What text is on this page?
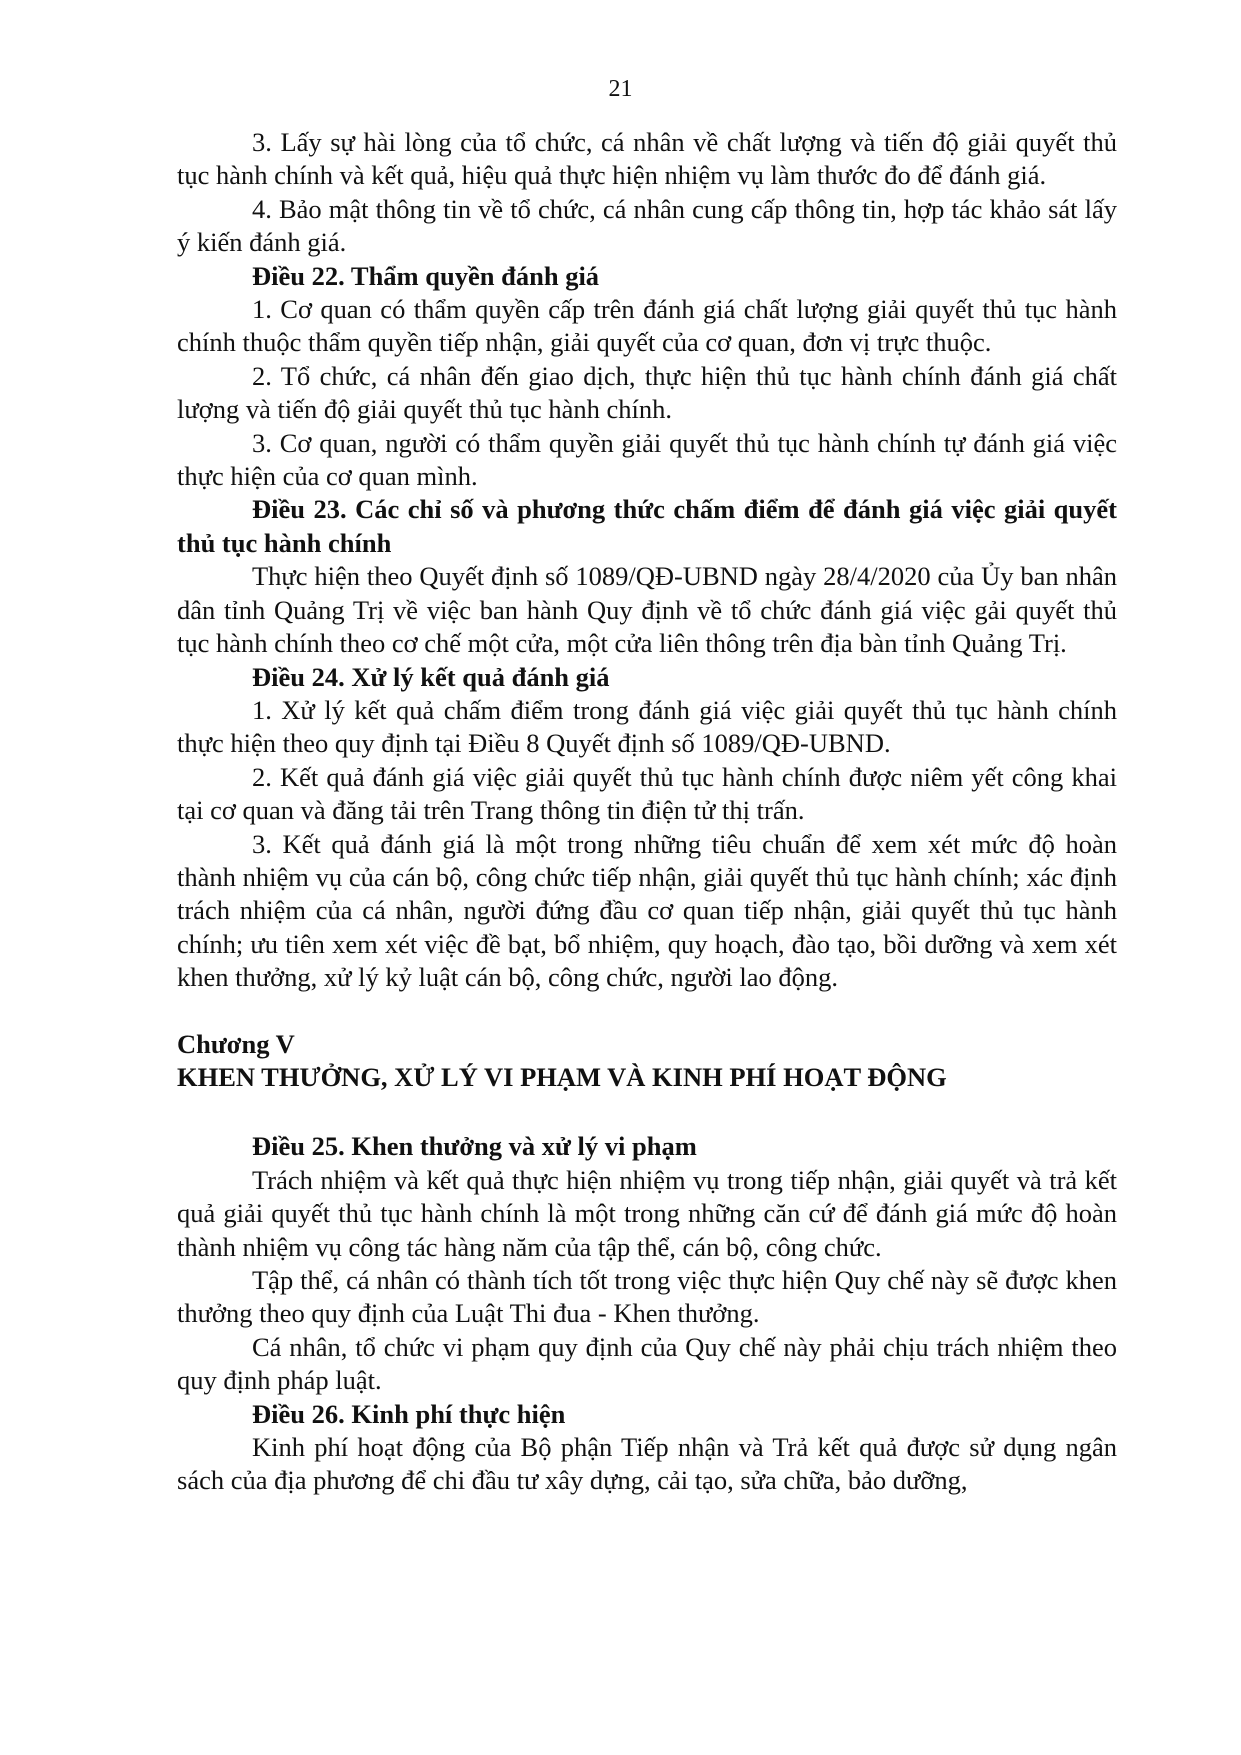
21

3. Lấy sự hài lòng của tổ chức, cá nhân về chất lượng và tiến độ giải quyết thủ tục hành chính và kết quả, hiệu quả thực hiện nhiệm vụ làm thước đo để đánh giá.

4. Bảo mật thông tin về tổ chức, cá nhân cung cấp thông tin, hợp tác khảo sát lấy ý kiến đánh giá.

Điều 22. Thẩm quyền đánh giá

1. Cơ quan có thẩm quyền cấp trên đánh giá chất lượng giải quyết thủ tục hành chính thuộc thẩm quyền tiếp nhận, giải quyết của cơ quan, đơn vị trực thuộc.

2. Tổ chức, cá nhân đến giao dịch, thực hiện thủ tục hành chính đánh giá chất lượng và tiến độ giải quyết thủ tục hành chính.

3. Cơ quan, người có thẩm quyền giải quyết thủ tục hành chính tự đánh giá việc thực hiện của cơ quan mình.

Điều 23. Các chỉ số và phương thức chấm điểm để đánh giá việc giải quyết thủ tục hành chính

Thực hiện theo Quyết định số 1089/QĐ-UBND ngày 28/4/2020 của Ủy ban nhân dân tỉnh Quảng Trị về việc ban hành Quy định về tổ chức đánh giá việc gải quyết thủ tục hành chính theo cơ chế một cửa, một cửa liên thông trên địa bàn tỉnh Quảng Trị.

Điều 24. Xử lý kết quả đánh giá

1. Xử lý kết quả chấm điểm trong đánh giá việc giải quyết thủ tục hành chính thực hiện theo quy định tại Điều 8 Quyết định số 1089/QĐ-UBND.

2. Kết quả đánh giá việc giải quyết thủ tục hành chính được niêm yết công khai tại cơ quan và đăng tải trên Trang thông tin điện tử thị trấn.

3. Kết quả đánh giá là một trong những tiêu chuẩn để xem xét mức độ hoàn thành nhiệm vụ của cán bộ, công chức tiếp nhận, giải quyết thủ tục hành chính; xác định trách nhiệm của cá nhân, người đứng đầu cơ quan tiếp nhận, giải quyết thủ tục hành chính; ưu tiên xem xét việc đề bạt, bổ nhiệm, quy hoạch, đào tạo, bồi dưỡng và xem xét khen thưởng, xử lý kỷ luật cán bộ, công chức, người lao động.

Chương V

KHEN THƯỞNG, XỬ LÝ VI PHẠM VÀ KINH PHÍ HOẠT ĐỘNG

Điều 25. Khen thưởng và xử lý vi phạm

Trách nhiệm và kết quả thực hiện nhiệm vụ trong tiếp nhận, giải quyết và trả kết quả giải quyết thủ tục hành chính là một trong những căn cứ để đánh giá mức độ hoàn thành nhiệm vụ công tác hàng năm của tập thể, cán bộ, công chức.

Tập thể, cá nhân có thành tích tốt trong việc thực hiện Quy chế này sẽ được khen thưởng theo quy định của Luật Thi đua - Khen thưởng.

Cá nhân, tổ chức vi phạm quy định của Quy chế này phải chịu trách nhiệm theo quy định pháp luật.

Điều 26. Kinh phí thực hiện

Kinh phí hoạt động của Bộ phận Tiếp nhận và Trả kết quả được sử dụng ngân sách của địa phương để chi đầu tư xây dựng, cải tạo, sửa chữa, bảo dưỡng,
